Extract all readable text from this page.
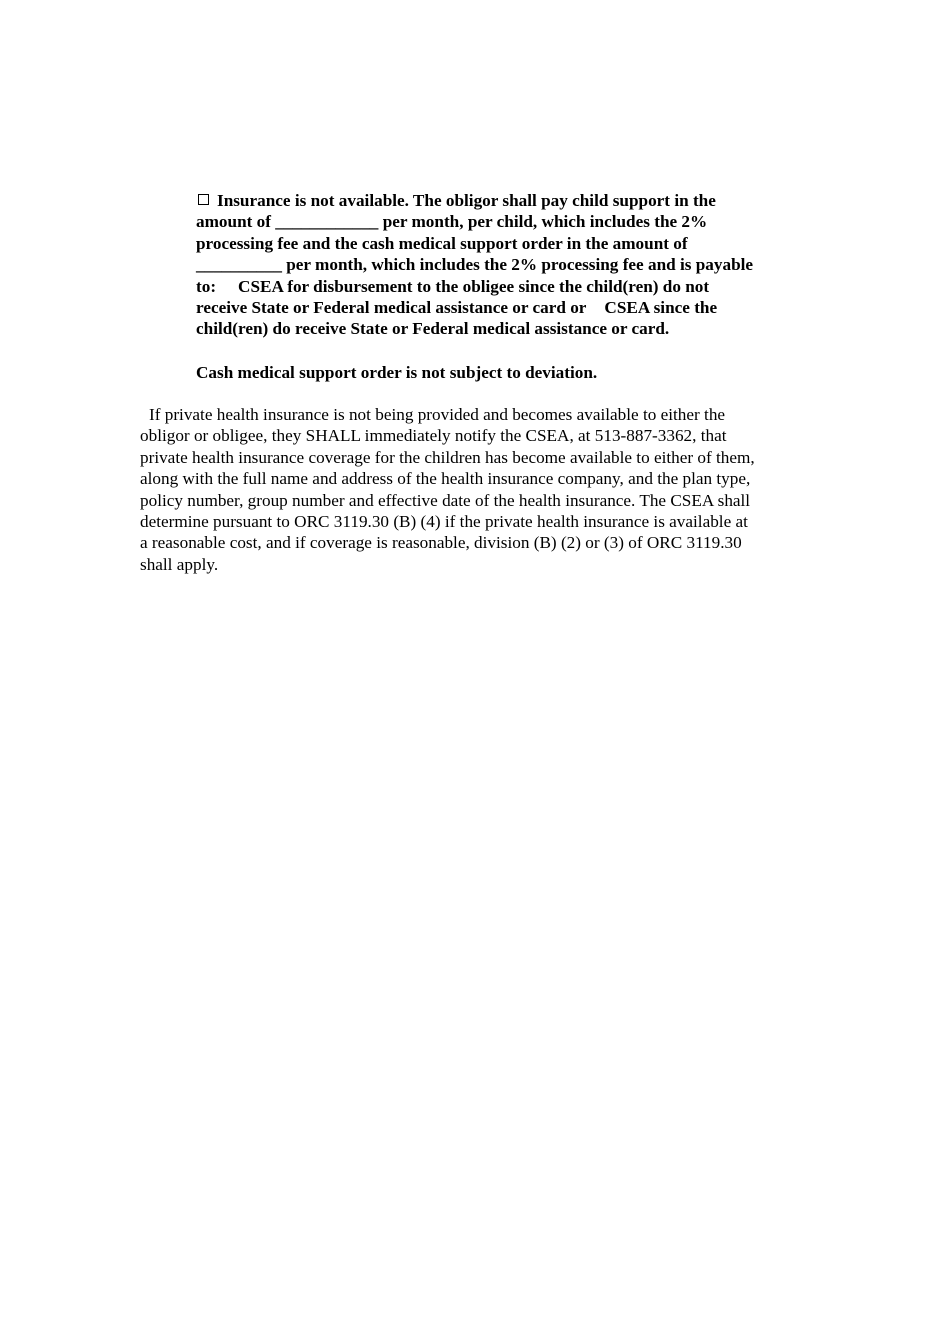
Insurance is not available. The obligor shall pay child support in the
amount of ____________ per month, per child, which includes the 2%
processing fee and the cash medical support order in the amount of
__________ per month, which includes the 2% processing fee and is payable
to: CSEA for disbursement to the obligee since the child(ren) do not
receive State or Federal medical assistance or card or CSEA since the
child(ren) do receive State or Federal medical assistance or card.
Cash medical support order is not subject to deviation.
If private health insurance is not being provided and becomes available to either the
obligor or obligee, they SHALL immediately notify the CSEA, at 513-887-3362, that
private health insurance coverage for the children has become available to either of them,
along with the full name and address of the health insurance company, and the plan type,
policy number, group number and effective date of the health insurance. The CSEA shall
determine pursuant to ORC 3119.30 (B) (4) if the private health insurance is available at
a reasonable cost, and if coverage is reasonable, division (B) (2) or (3) of ORC 3119.30
shall apply.
